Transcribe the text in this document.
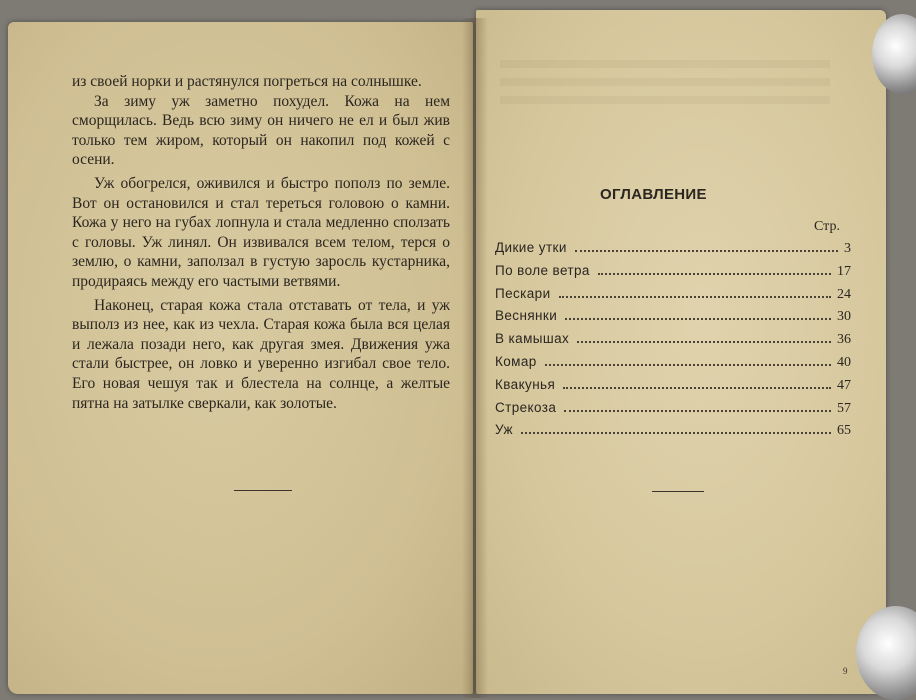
из своей норки и растянулся погреться на солнышке.

За зиму уж заметно похудел. Кожа на нем сморщилась. Ведь всю зиму он ничего не ел и был жив только тем жиром, который он накопил под кожей с осени.

Уж обогрелся, оживился и быстро пополз по земле. Вот он остановился и стал тереться головою о камни. Кожа у него на губах лопнула и стала медленно сползать с головы. Уж линял. Он извивался всем телом, терся о землю, о камни, заползал в густую заросль кустарника, продираясь между его частыми ветвями.

Наконец, старая кожа стала отставать от тела, и уж выполз из нее, как из чехла. Старая кожа была вся целая и лежала позади него, как другая змея. Движения ужа стали быстрее, он ловко и уверенно изгибал свое тело. Его новая чешуя так и блестела на солнце, а желтые пятна на затылке сверкали, как золотые.

ОГЛАВЛЕНИЕ
Стр.
Дикие утки	3
По воле ветра	17
Пескари	24
Веснянки	30
В камышах	36
Комар	40
Квакунья	47
Стрекоза	57
Уж	65
9
